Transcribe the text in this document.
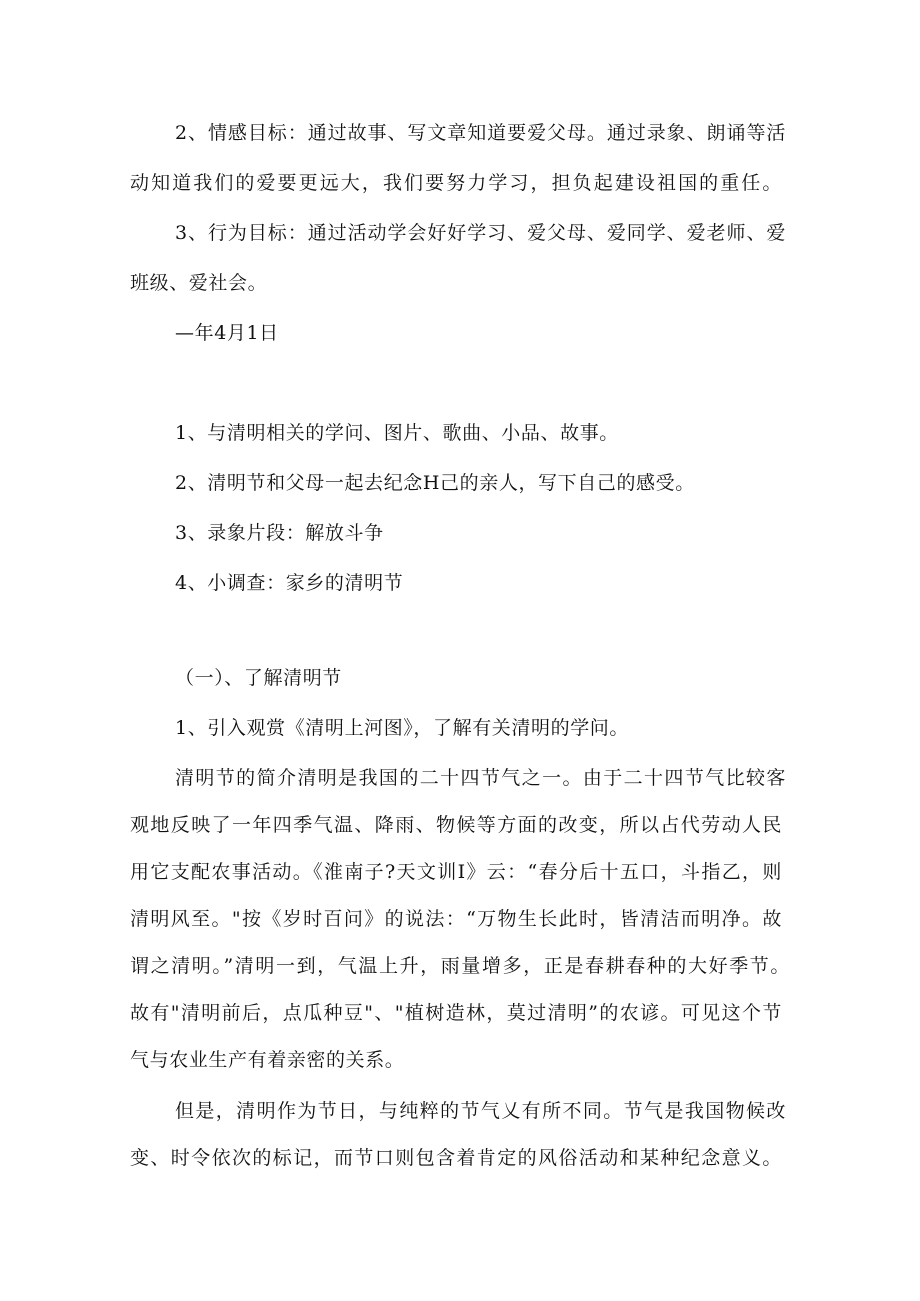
2、情感目标：通过故事、写文章知道要爱父母。通过录象、朗诵等活
动知道我们的爱要更远大，我们要努力学习，担负起建设祖国的重任。
3、行为目标：通过活动学会好好学习、爱父母、爱同学、爱老师、爱
班级、爱社会。
—年4月1日
1、与清明相关的学问、图片、歌曲、小品、故事。
2、清明节和父母一起去纪念H己的亲人，写下自己的感受。
3、录象片段：解放斗争
4、小调查：家乡的清明节
（一）、了解清明节
1、引入观赏《清明上河图》，了解有关清明的学问。
清明节的简介清明是我国的二十四节气之一。由于二十四节气比较客
观地反映了一年四季气温、降雨、物候等方面的改变，所以占代劳动人民
用它支配农事活动。《淮南子?天文训I》云：“春分后十五口，斗指乙，则
清明风至。"按《岁时百问》的说法：“万物生长此时，皆清洁而明净。故
谓之清明。”清明一到，气温上升，雨量增多，正是春耕春种的大好季节。
故有"清明前后，点瓜种豆"、"植树造林，莫过清明”的农谚。可见这个节
气与农业生产有着亲密的关系。
但是，清明作为节日，与纯粹的节气乂有所不同。节气是我国物候改
变、时令依次的标记，而节口则包含着肯定的风俗活动和某种纪念意义。
